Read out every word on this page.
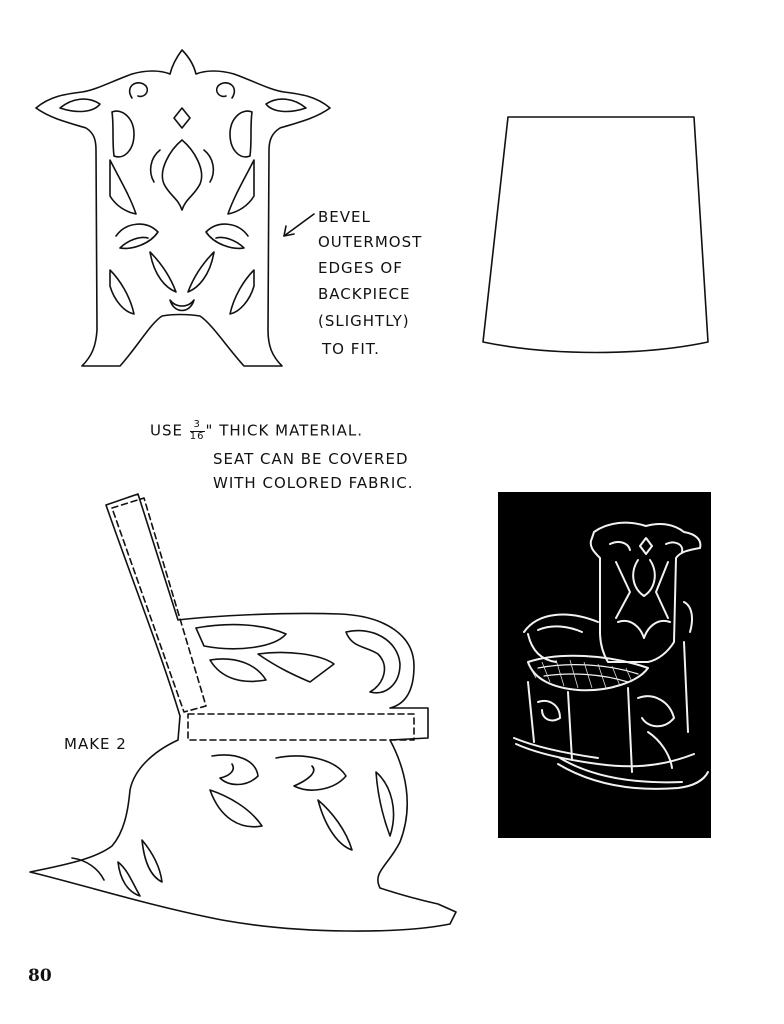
BEVEL
OUTERMOST
EDGES OF
BACKPIECE
(SLIGHTLY)
TO FIT.
USE $\frac{3}{16}$ " THICK MATERIAL.
SEAT CAN BE COVERED
WITH COLORED FABRIC.
MAKE 2
80
